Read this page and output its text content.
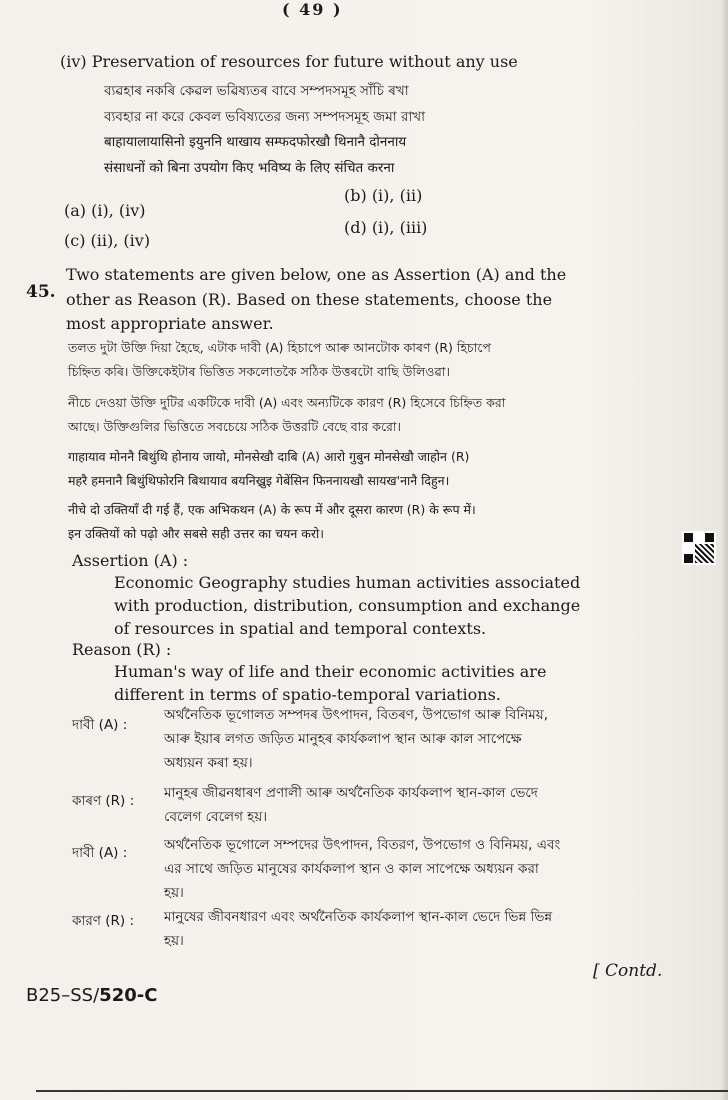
( 49 )
(iv) Preservation of resources for future without any use
ব্যৱহাৰ নকৰি কেৱল ভৱিষ্যতৰ বাবে সম্পদসমূহ সাঁচি ৰখা
ব্যবহার না করে কেবল ভবিষ্যতের জন্য সম্পদসমূহ জমা রাখা
बाहायालायासिनो इयुननि थाखाय सम्फदफोरखौ थिनानै दोननाय
संसाधनों को बिना उपयोग किए भविष्य के लिए संचित करना
(a) (i), (iv)
(b) (i), (ii)
(c) (ii), (iv)
(d) (i), (iii)
45.
Two statements are given below, one as Assertion (A) and the
other as Reason (R). Based on these statements, choose the
most appropriate answer.
তলত দুটা উক্তি দিয়া হৈছে, এটাক দাবী (A) হিচাপে আৰু আনটোক কাৰণ (R) হিচাপে
চিহ্নিত কৰি। উক্তিকেইটাৰ ভিত্তিত সকলোতকৈ সঠিক উত্তৰটো বাছি উলিওৱা।
নীচে দেওয়া উক্তি দুটির একটিকে দাবী (A) এবং অন্যটিকে কারণ (R) হিসেবে চিহ্নিত করা
আছে। উক্তিগুলির ভিত্তিতে সবচেয়ে সঠিক উত্তরটি বেছে বার করো।
गाहायाव मोननै बिथुंथि होनाय जायो, मोनसेखौ दाबि (A) आरो गुबुन मोनसेखौ जाहोन (R)
महरै हमनानै बिथुंथिफोरनि बिथायाव बयनिख्रुइ गेबेंसिन फिननायखौ सायख'नानै दिहुन।
नीचे दो उक्तियाँ दी गई हैं, एक अभिकथन (A) के रूप में और दूसरा कारण (R) के रूप में।
इन उक्तियों को पढ़ो और सबसे सही उत्तर का चयन करो।
Assertion (A) :
Economic Geography studies human activities associated
with production, distribution, consumption and exchange
of resources in spatial and temporal contexts.
Reason (R) :
Human's way of life and their economic activities are
different in terms of spatio-temporal variations.
দাবী (A) :
অৰ্থনৈতিক ভূগোলত সম্পদৰ উৎপাদন, বিতৰণ, উপভোগ আৰু বিনিময়,
আৰু ইয়াৰ লগত জড়িত মানুহৰ কাৰ্যকলাপ স্থান আৰু কাল সাপেক্ষে
অধ্যয়ন কৰা হয়।
কাৰণ (R) : মানুহৰ জীৱনধাৰণ প্ৰণালী আৰু অৰ্থনৈতিক কাৰ্যকলাপ স্থান-কাল ভেদে
বেলেগ বেলেগ হয়।
দাবী (A) :	অর্থনৈতিক ভূগোলে সম্পদের উৎপাদন, বিতরণ, উপভোগ ও বিনিময়, এবং
এর সাথে জড়িত মানুষের কার্যকলাপ স্থান ও কাল সাপেক্ষে অধ্যয়ন করা
হয়।
কারণ (R) : মানুষের জীবনধারণ এবং অর্থনৈতিক কার্যকলাপ স্থান-কাল ভেদে ভিন্ন ভিন্ন
হয়।
[ Contd.
B25–SS/520-C
